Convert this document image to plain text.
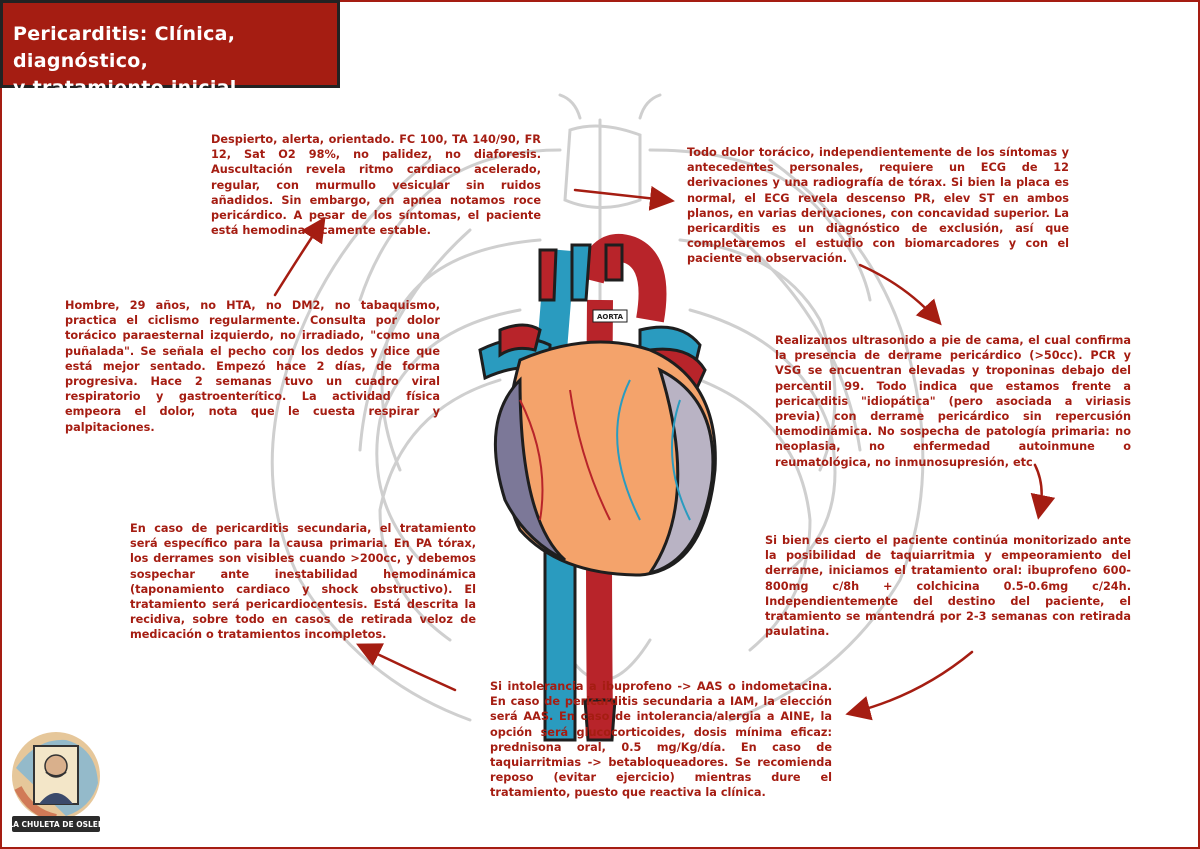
AORTA
Pericarditis: Clínica, diagnóstico,
y tratamiento inicial.

Despierto, alerta, orientado. FC 100, TA 140/90, FR 12, Sat O2 98%, no palidez, no diaforesis. Auscultación revela ritmo cardiaco acelerado, regular, con murmullo vesicular sin ruidos añadidos. Sin embargo, en apnea notamos roce pericárdico. A pesar de los síntomas, el paciente está hemodinamicamente estable.

Todo dolor torácico, independientemente de los síntomas y antecedentes personales, requiere un ECG de 12 derivaciones y una radiografía de tórax. Si bien la placa es normal, el ECG revela descenso PR, elev ST en ambos planos, en varias derivaciones, con concavidad superior. La pericarditis es un diagnóstico de exclusión, así que completaremos el estudio con biomarcadores y con el paciente en observación.

Hombre, 29 años, no HTA, no DM2, no tabaquismo, practica el ciclismo regularmente. Consulta por dolor torácico paraesternal izquierdo, no irradiado, "como una puñalada". Se señala el pecho con los dedos y dice que está mejor sentado. Empezó hace 2 días, de forma progresiva. Hace 2 semanas tuvo un cuadro viral respiratorio y gastroenterítico. La actividad física empeora el dolor, nota que le cuesta respirar y palpitaciones.

Realizamos ultrasonido a pie de cama, el cual confirma la presencia de derrame pericárdico (>50cc). PCR y VSG se encuentran elevadas y troponinas debajo del percentil 99. Todo indica que estamos frente a pericarditis "idiopática" (pero asociada a viriasis previa) con derrame pericárdico sin repercusión hemodinámica. No sospecha de patología primaria: no neoplasia, no enfermedad autoinmune o reumatológica, no inmunosupresión, etc.

En caso de pericarditis secundaria, el tratamiento será específico para la causa primaria. En PA tórax, los derrames son visibles cuando >200cc, y debemos sospechar ante inestabilidad hemodinámica (taponamiento cardiaco y shock obstructivo). El tratamiento será pericardiocentesis. Está descrita la recidiva, sobre todo en casos de retirada veloz de medicación o tratamientos incompletos.

Si bien es cierto el paciente continúa monitorizado ante la posibilidad de taquiarritmia y empeoramiento del derrame, iniciamos el tratamiento oral: ibuprofeno 600-800mg c/8h + colchicina 0.5-0.6mg c/24h. Independientemente del destino del paciente, el tratamiento se mantendrá por 2-3 semanas con retirada paulatina.

Si intolerancia a ibuprofeno -> AAS o indometacina. En caso de pericarditis secundaria a IAM, la elección será AAS. En caso de intolerancia/alergia a AINE, la opción será glucocorticoides, dosis mínima eficaz: prednisona oral, 0.5 mg/Kg/día. En caso de taquiarritmias -> betabloqueadores. Se recomienda reposo (evitar ejercicio) mientras dure el tratamiento, puesto que reactiva la clínica.

LA CHULETA DE OSLER
